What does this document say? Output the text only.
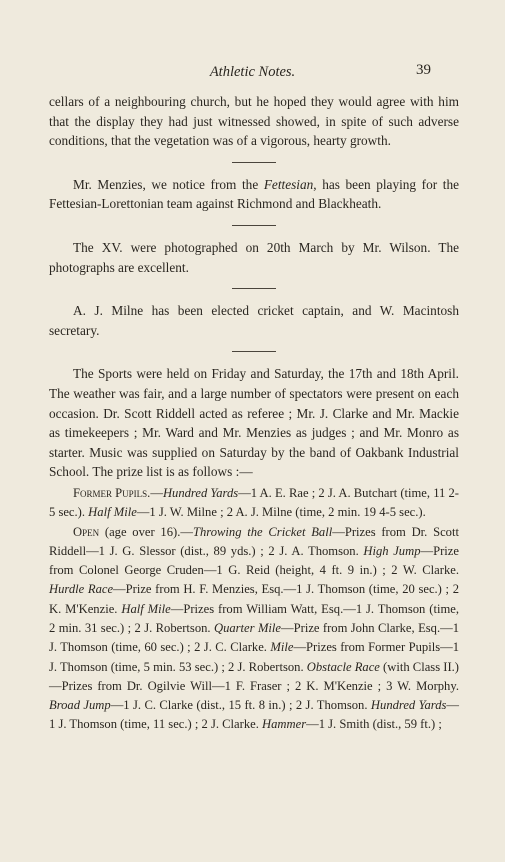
Athletic Notes.	39

cellars of a neighbouring church, but he hoped they would agree with him that the display they had just witnessed showed, in spite of such adverse conditions, that the vegetation was of a vigorous, hearty growth.

Mr. Menzies, we notice from the Fettesian, has been playing for the Fettesian-Lorettonian team against Richmond and Blackheath.

The XV. were photographed on 20th March by Mr. Wilson. The photographs are excellent.

A. J. Milne has been elected cricket captain, and W. Macintosh secretary.

The Sports were held on Friday and Saturday, the 17th and 18th April. The weather was fair, and a large number of spectators were present on each occasion. Dr. Scott Riddell acted as referee ; Mr. J. Clarke and Mr. Mackie as timekeepers ; Mr. Ward and Mr. Menzies as judges ; and Mr. Monro as starter. Music was supplied on Saturday by the band of Oakbank Industrial School. The prize list is as follows :—

Former Pupils.—Hundred Yards—1 A. E. Rae ; 2 J. A. Butchart (time, 11 2-5 sec.). Half Mile—1 J. W. Milne ; 2 A. J. Milne (time, 2 min. 19 4-5 sec.).

Open (age over 16).—Throwing the Cricket Ball—Prizes from Dr. Scott Riddell—1 J. G. Slessor (dist., 89 yds.) ; 2 J. A. Thomson. High Jump—Prize from Colonel George Cruden—1 G. Reid (height, 4 ft. 9 in.) ; 2 W. Clarke. Hurdle Race—Prize from H. F. Menzies, Esq.—1 J. Thomson (time, 20 sec.) ; 2 K. M'Kenzie. Half Mile—Prizes from William Watt, Esq.—1 J. Thomson (time, 2 min. 31 sec.) ; 2 J. Robertson. Quarter Mile—Prize from John Clarke, Esq.—1 J. Thomson (time, 60 sec.) ; 2 J. C. Clarke. Mile—Prizes from Former Pupils—1 J. Thomson (time, 5 min. 53 sec.) ; 2 J. Robertson. Obstacle Race (with Class II.)—Prizes from Dr. Ogilvie Will—1 F. Fraser ; 2 K. M'Kenzie ; 3 W. Morphy. Broad Jump—1 J. C. Clarke (dist., 15 ft. 8 in.) ; 2 J. Thomson. Hundred Yards—1 J. Thomson (time, 11 sec.) ; 2 J. Clarke. Hammer—1 J. Smith (dist., 59 ft.) ;
